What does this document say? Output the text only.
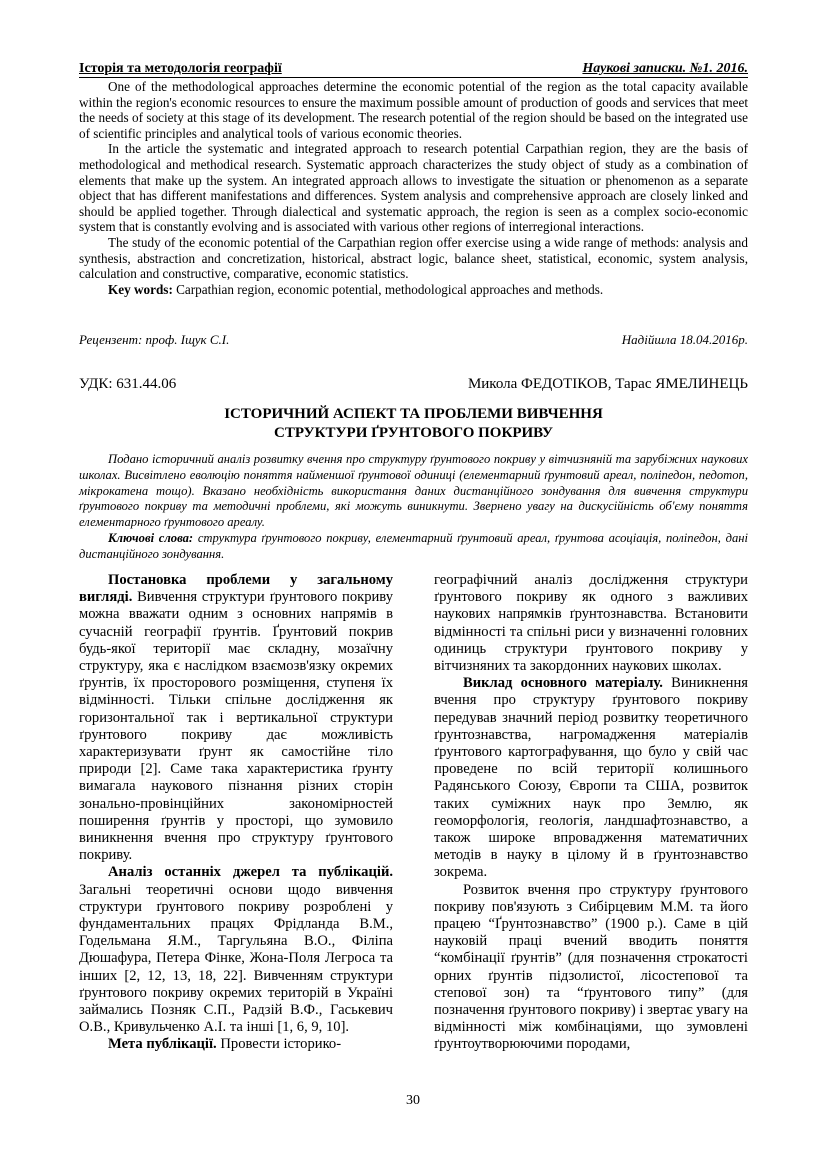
Історія та методологія географії	Наукові записки. №1. 2016.

One of the methodological approaches determine the economic potential of the region as the total capacity available within the region's economic resources to ensure the maximum possible amount of production of goods and services that meet the needs of society at this stage of its development. The research potential of the region should be based on the integrated use of scientific principles and analytical tools of various economic theories.

In the article the systematic and integrated approach to research potential Carpathian region, they are the basis of methodological and methodical research. Systematic approach characterizes the study object of study as a combination of elements that make up the system. An integrated approach allows to investigate the situation or phenomenon as a separate object that has different manifestations and differences. System analysis and comprehensive approach are closely linked and should be applied together. Through dialectical and systematic approach, the region is seen as a complex socio-economic system that is constantly evolving and is associated with various other regions of interregional interactions.

The study of the economic potential of the Carpathian region offer exercise using a wide range of methods: analysis and synthesis, abstraction and concretization, historical, abstract logic, balance sheet, statistical, economic, system analysis, calculation and constructive, comparative, economic statistics.

Key words: Carpathian region, economic potential, methodological approaches and methods.

Рецензент: проф. Іщук С.І.	Надійшла 18.04.2016р.
УДК: 631.44.06	Микола ФЕДОТІКОВ, Тарас ЯМЕЛИНЕЦЬ
ІСТОРИЧНИЙ АСПЕКТ ТА ПРОБЛЕМИ ВИВЧЕННЯ
СТРУКТУРИ ҐРУНТОВОГО ПОКРИВУ

Подано історичний аналіз розвитку вчення про структуру ґрунтового покриву у вітчизняній та зарубіжних наукових школах. Висвітлено еволюцію поняття найменшої ґрунтової одиниці (елементарний ґрунтовий ареал, поліпедон, педотоп, мікрокатена тощо). Вказано необхідність використання даних дистанційного зондування для вивчення структури ґрунтового покриву та методичні проблеми, які можуть виникнути. Звернено увагу на дискусійність об'єму поняття елементарного ґрунтового ареалу.

Ключові слова: структура ґрунтового покриву, елементарний ґрунтовий ареал, ґрунтова асоціація, поліпедон, дані дистанційного зондування.

Постановка проблеми у загальному вигляді. Вивчення структури ґрунтового покриву можна вважати одним з основних напрямів в сучасній географії ґрунтів. Ґрунтовий покрив будь-якої території має складну, мозаїчну структуру, яка є наслідком взаємозв'язку окремих ґрунтів, їх просторового розміщення, ступеня їх відмінності. Тільки спільне дослідження як горизонтальної так і вертикальної структури ґрунтового покриву дає можливість характеризувати ґрунт як самостійне тіло природи [2]. Саме така характеристика ґрунту вимагала наукового пізнання різних сторін зонально-провінційних закономірностей поширення ґрунтів у просторі, що зумовило виникнення вчення про структуру ґрунтового покриву.

Аналіз останніх джерел та публікацій. Загальні теоретичні основи щодо вивчення структури ґрунтового покриву розроблені у фундаментальних працях Фрідланда В.М., Годельмана Я.М., Таргульяна В.О., Філіпа Дюшафура, Петера Фінке, Жона-Поля Легроса та інших [2, 12, 13, 18, 22]. Вивченням структури ґрунтового покриву окремих територій в Україні займались Позняк С.П., Радзій В.Ф., Гаськевич О.В., Кривульченко А.І. та інші [1, 6, 9, 10].

Мета публікації. Провести історико-

географічний аналіз дослідження структури ґрунтового покриву як одного з важливих наукових напрямків ґрунтознавства. Встановити відмінності та спільні риси у визначенні головних одиниць структури ґрунтового покриву у вітчизняних та закордонних наукових школах.

Виклад основного матеріалу. Виникнення вчення про структуру ґрунтового покриву передував значний період розвитку теоретичного ґрунтознавства, нагромадження матеріалів ґрунтового картографування, що було у свій час проведене по всій території колишнього Радянського Союзу, Європи та США, розвиток таких суміжних наук про Землю, як геоморфологія, геологія, ландшафтознавство, а також широке впровадження математичних методів в науку в цілому й в ґрунтознавство зокрема.

Розвиток вчення про структуру ґрунтового покриву пов'язують з Сибірцевим М.М. та його працею “Ґрунтознавство” (1900 р.). Саме в цій науковій праці вчений вводить поняття “комбінації ґрунтів” (для позначення строкатості орних ґрунтів підзолистої, лісостепової та степової зон) та “ґрунтового типу” (для позначення ґрунтового покриву) і звертає увагу на відмінності між комбінаціями, що зумовлені ґрунтоутворюючими породами,

30
